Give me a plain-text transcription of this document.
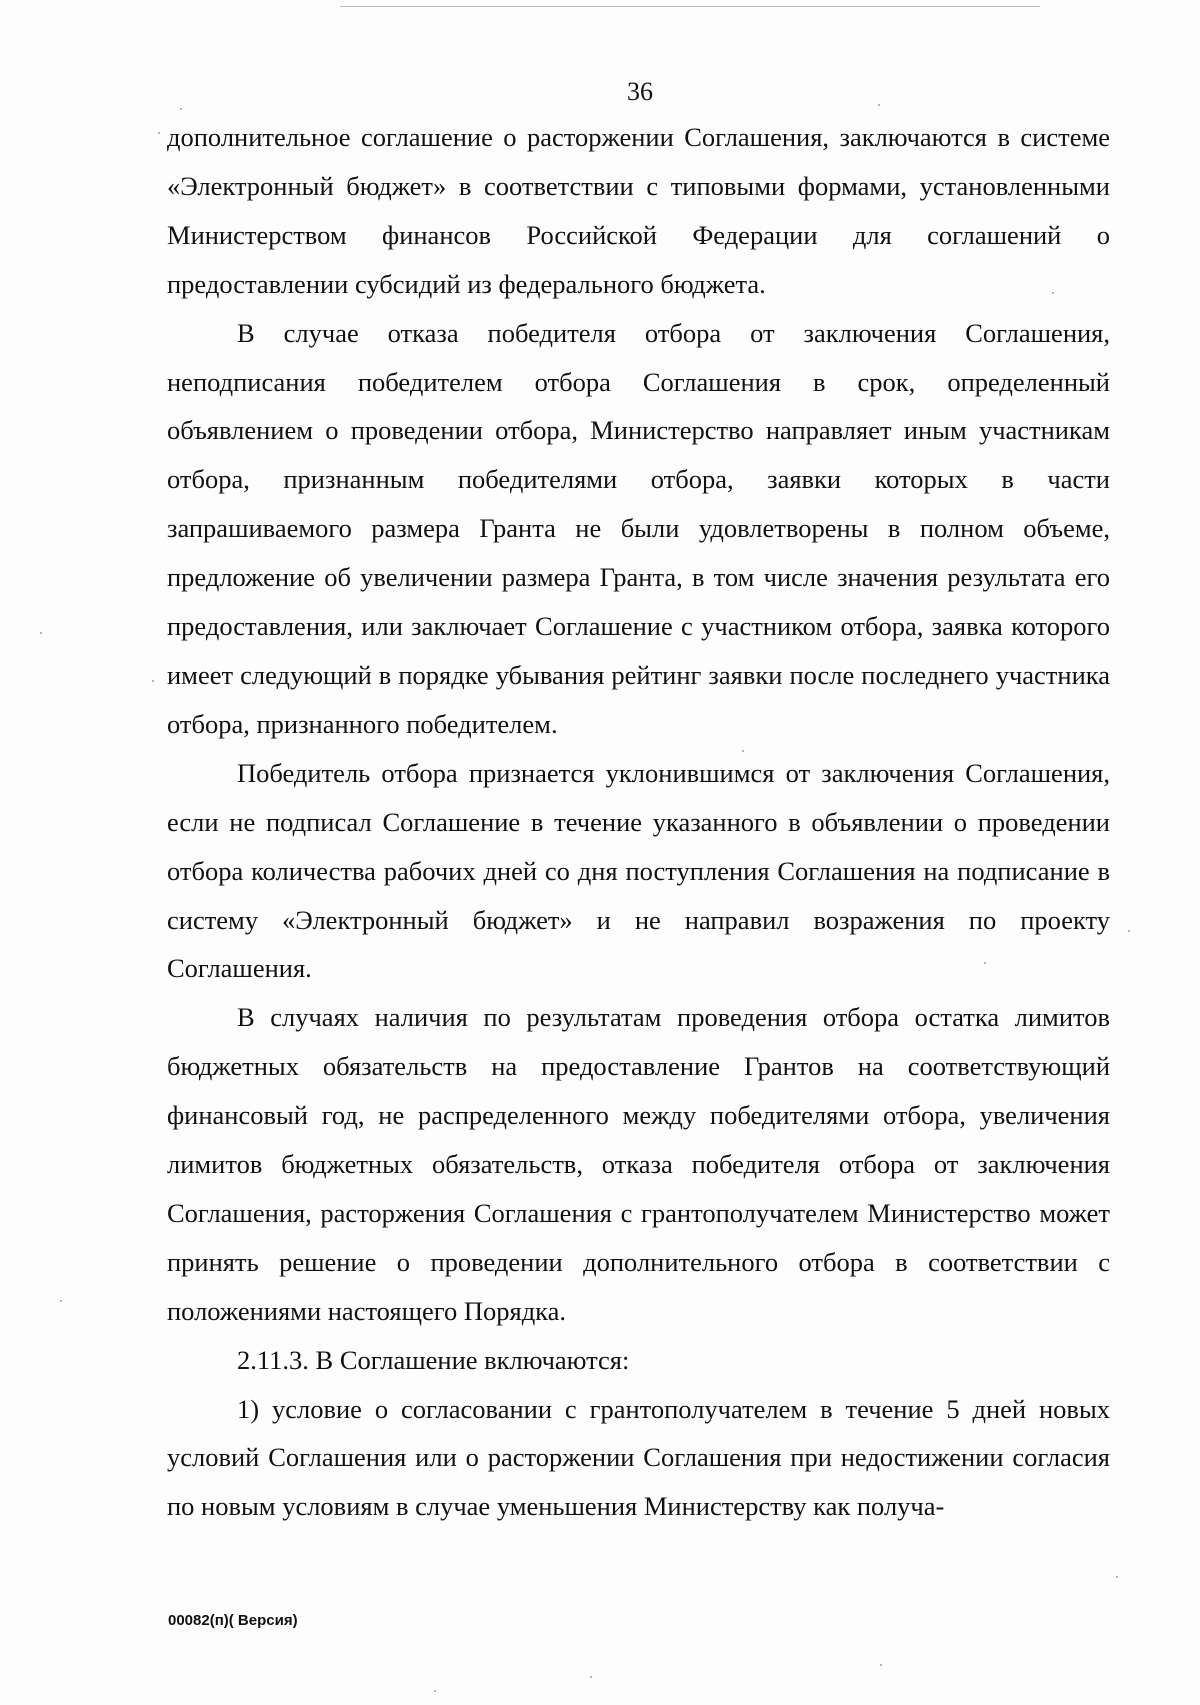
36

дополнительное соглашение о расторжении Соглашения, заключаются в системе «Электронный бюджет» в соответствии с типовыми формами, установленными Министерством финансов Российской Федерации для соглашений о предоставлении субсидий из федерального бюджета.

В случае отказа победителя отбора от заключения Соглашения, неподписания победителем отбора Соглашения в срок, определенный объявлением о проведении отбора, Министерство направляет иным участникам отбора, признанным победителями отбора, заявки которых в части запрашиваемого размера Гранта не были удовлетворены в полном объеме, предложение об увеличении размера Гранта, в том числе значения результата его предоставления, или заключает Соглашение с участником отбора, заявка которого имеет следующий в порядке убывания рейтинг заявки после последнего участника отбора, признанного победителем.

Победитель отбора признается уклонившимся от заключения Соглашения, если не подписал Соглашение в течение указанного в объявлении о проведении отбора количества рабочих дней со дня поступления Соглашения на подписание в систему «Электронный бюджет» и не направил возражения по проекту Соглашения.

В случаях наличия по результатам проведения отбора остатка лимитов бюджетных обязательств на предоставление Грантов на соответствующий финансовый год, не распределенного между победителями отбора, увеличения лимитов бюджетных обязательств, отказа победителя отбора от заключения Соглашения, расторжения Соглашения с грантополучателем Министерство может принять решение о проведении дополнительного отбора в соответствии с положениями настоящего Порядка.

2.11.3. В Соглашение включаются:

1) условие о согласовании с грантополучателем в течение 5 дней новых условий Соглашения или о расторжении Соглашения при недостижении согласия по новым условиям в случае уменьшения Министерству как получа-

00082(п)( Версия)
